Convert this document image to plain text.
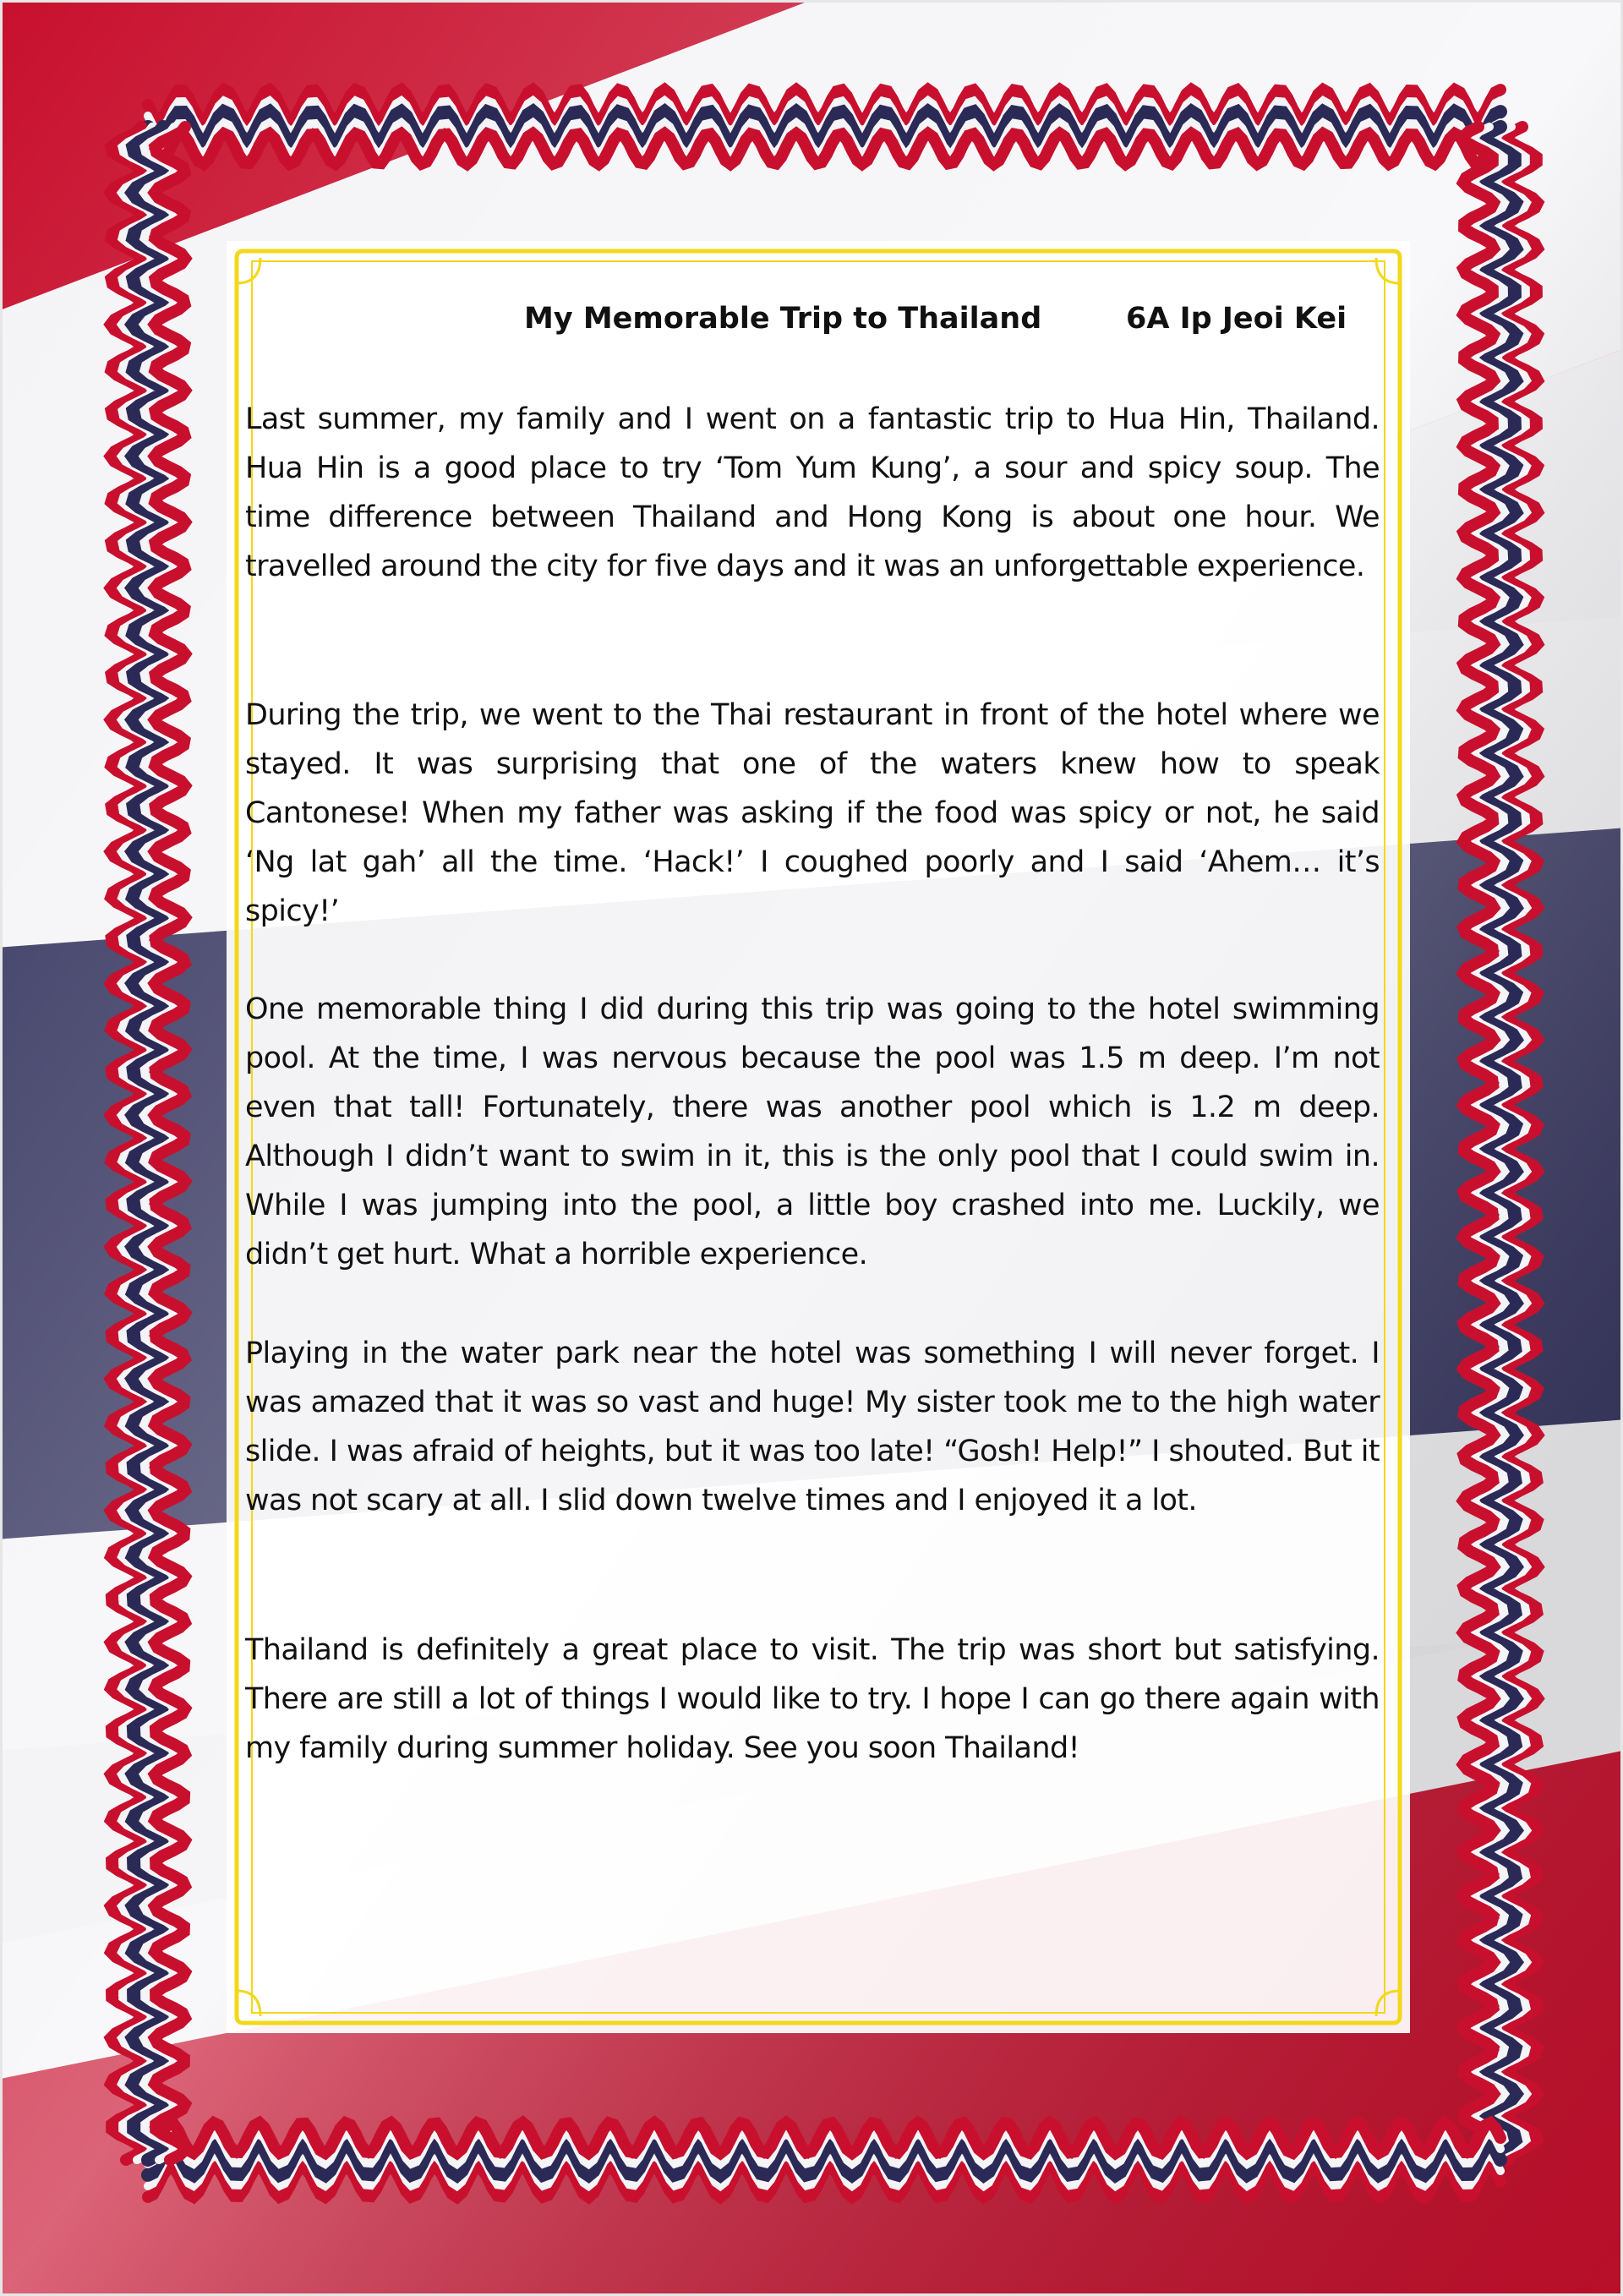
My Memorable Trip to Thailand	6A Ip Jeoi Kei

Last summer, my family and I went on a fantastic trip to Hua Hin, Thailand. Hua Hin is a good place to try ‘Tom Yum Kung’, a sour and spicy soup. The time difference between Thailand and Hong Kong is about one hour. We travelled around the city for five days and it was an unforgettable experience.

During the trip, we went to the Thai restaurant in front of the hotel where we stayed. It was surprising that one of the waters knew how to speak Cantonese! When my father was asking if the food was spicy or not, he said ‘Ng lat gah’ all the time. ‘Hack!’ I coughed poorly and I said ‘Ahem… it’s spicy!’

One memorable thing I did during this trip was going to the hotel swimming pool. At the time, I was nervous because the pool was 1.5 m deep. I’m not even that tall! Fortunately, there was another pool which is 1.2 m deep. Although I didn’t want to swim in it, this is the only pool that I could swim in. While I was jumping into the pool, a little boy crashed into me. Luckily, we didn’t get hurt. What a horrible experience.

Playing in the water park near the hotel was something I will never forget. I was amazed that it was so vast and huge! My sister took me to the high water slide. I was afraid of heights, but it was too late! “Gosh! Help!” I shouted. But it was not scary at all. I slid down twelve times and I enjoyed it a lot.

Thailand is definitely a great place to visit. The trip was short but satisfying. There are still a lot of things I would like to try. I hope I can go there again with my family during summer holiday. See you soon Thailand!
